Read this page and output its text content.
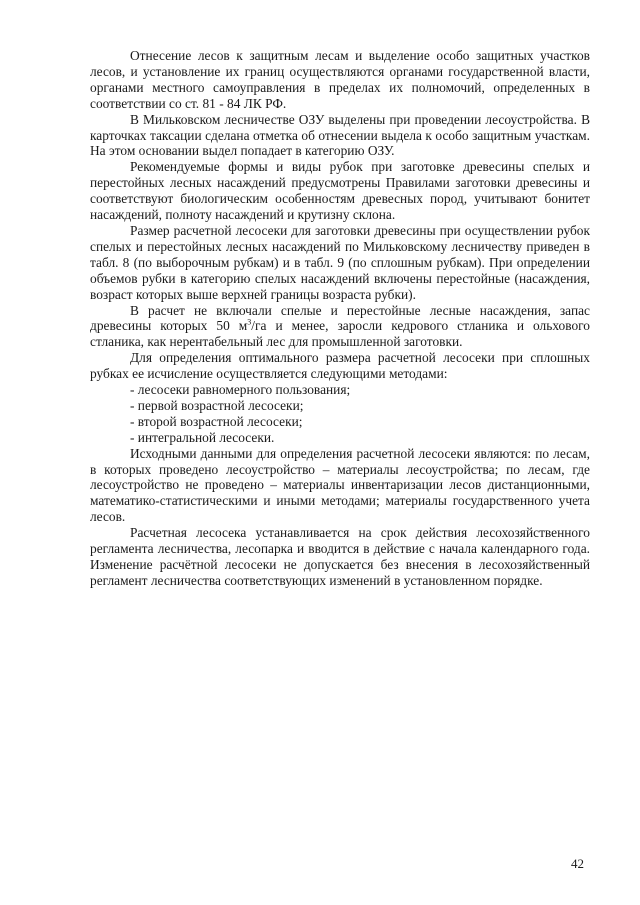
Отнесение лесов к защитным лесам и выделение особо защитных участков лесов, и установление их границ осуществляются органами государственной власти, органами местного самоуправления в пределах их полномочий, определенных в соответствии со ст. 81 - 84 ЛК РФ.

В Мильковском лесничестве ОЗУ выделены при проведении лесоустройства. В карточках таксации сделана отметка об отнесении выдела к особо защитным участкам. На этом основании выдел попадает в категорию ОЗУ.

Рекомендуемые формы и виды рубок при заготовке древесины спелых и перестойных лесных насаждений предусмотрены Правилами заготовки древесины и соответствуют биологическим особенностям древесных пород, учитывают бонитет насаждений, полноту насаждений и крутизну склона.

Размер расчетной лесосеки для заготовки древесины при осуществлении рубок спелых и перестойных лесных насаждений по Мильковскому лесничеству приведен в табл. 8 (по выборочным рубкам) и в табл. 9 (по сплошным рубкам). При определении объемов рубки в категорию спелых насаждений включены перестойные (насаждения, возраст которых выше верхней границы возраста рубки).

В расчет не включали спелые и перестойные лесные насаждения, запас древесины которых 50 $м^3/га$ и менее, заросли кедрового стланика и ольхового стланика, как нерентабельный лес для промышленной заготовки.

Для определения оптимального размера расчетной лесосеки при сплошных рубках ее исчисление осуществляется следующими методами:

- лесосеки равномерного пользования;
- первой возрастной лесосеки;
- второй возрастной лесосеки;
- интегральной лесосеки.

Исходными данными для определения расчетной лесосеки являются: по лесам, в которых проведено лесоустройство – материалы лесоустройства; по лесам, где лесоустройство не проведено – материалы инвентаризации лесов дистанционными, математико-статистическими и иными методами; материалы государственного учета лесов.

Расчетная лесосека устанавливается на срок действия лесохозяйственного регламента лесничества, лесопарка и вводится в действие с начала календарного года. Изменение расчётной лесосеки не допускается без внесения в лесохозяйственный регламент лесничества соответствующих изменений в установленном порядке.

42
